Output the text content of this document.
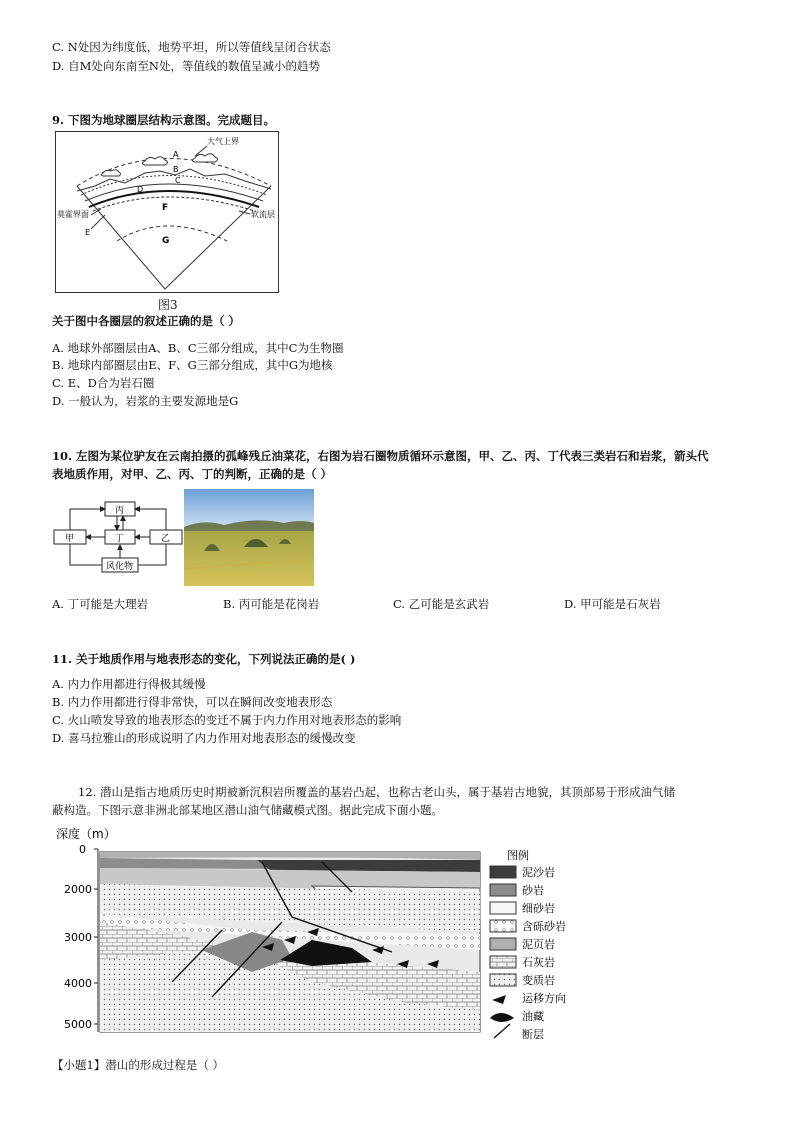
C. N处因为纬度低，地势平坦，所以等值线呈闭合状态
D. 自M处向东南至N处，等值线的数值呈减小的趋势
9. 下图为地球圈层结构示意图。完成题目。
大气上界
A
B
C
D
F
G
莫霍界面
E
软流层
图3
关于图中各圈层的叙述正确的是（ ）
A. 地球外部圈层由A、B、C三部分组成，其中C为生物圈
B. 地球内部圈层由E、F、G三部分组成，其中G为地核
C. E、D合为岩石圈
D. 一般认为，岩浆的主要发源地是G
10. 左图为某位驴友在云南拍摄的孤峰残丘油菜花，右图为岩石圈物质循环示意图，甲、乙、丙、丁代表三类岩石和岩浆，箭头代
表地质作用，对甲、乙、丙、丁的判断，正确的是（ ）
丙
甲	丁	乙
风化物
A. 丁可能是大理岩	B. 丙可能是花岗岩	C. 乙可能是玄武岩	D. 甲可能是石灰岩
11. 关于地质作用与地表形态的变化，下列说法正确的是( )
A. 内力作用都进行得极其缓慢
B. 内力作用都进行得非常快，可以在瞬间改变地表形态
C. 火山喷发导致的地表形态的变迁不属于内力作用对地表形态的影响
D. 喜马拉雅山的形成说明了内力作用对地表形态的缓慢改变
12. 潜山是指古地质历史时期被新沉积岩所覆盖的基岩凸起，也称古老山头，属于基岩古地貌，其顶部易于形成油气储
蔽构造。下图示意非洲北部某地区潜山油气储藏模式图。据此完成下面小题。
深度（m）
0
2000
3000
4000
5000
图例
泥沙岩
砂岩
细砂岩
含砾砂岩
泥页岩
石灰岩
变质岩
运移方向
油藏
断层
【小题1】潜山的形成过程是（ ）
